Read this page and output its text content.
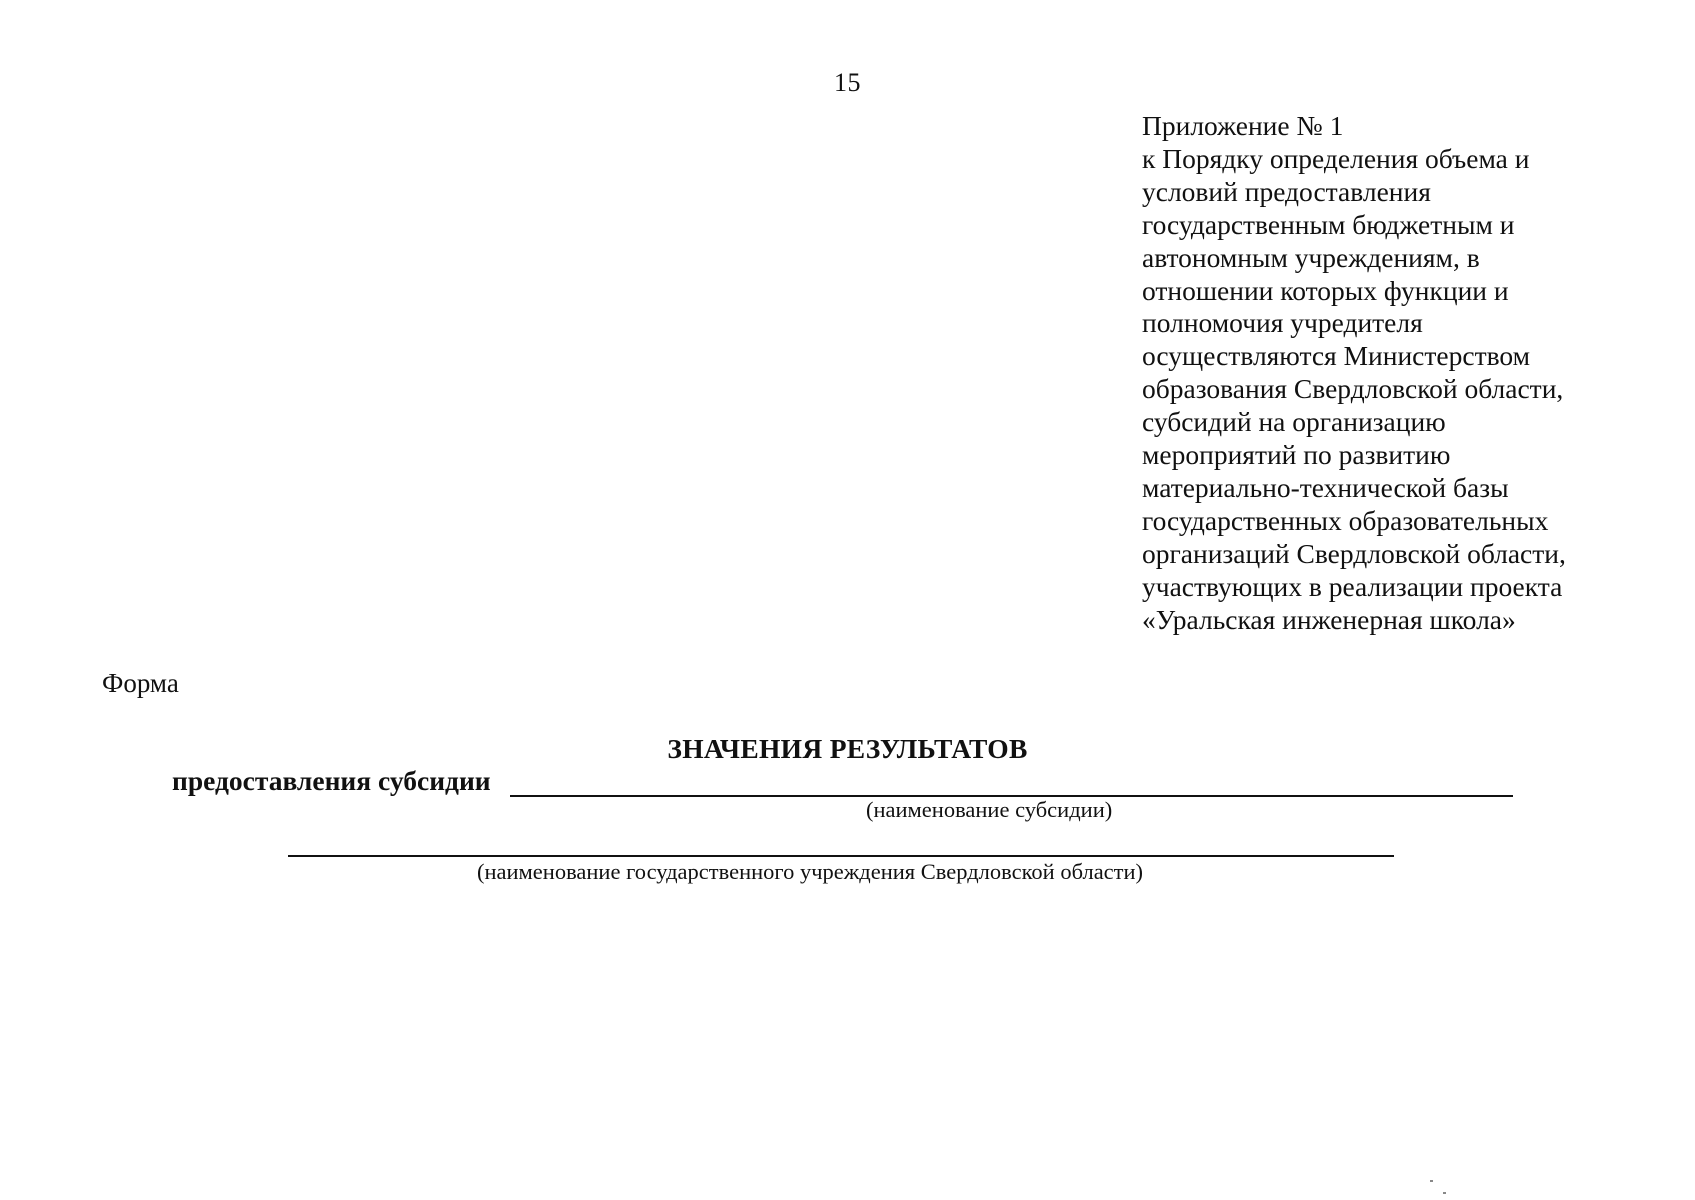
15
Приложение № 1
к Порядку определения объема и
условий предоставления
государственным бюджетным и
автономным учреждениям, в
отношении которых функции и
полномочия учредителя
осуществляются Министерством
образования Свердловской области,
субсидий на организацию
мероприятий по развитию
материально-технической базы
государственных образовательных
организаций Свердловской области,
участвующих в реализации проекта
«Уральская инженерная школа»
Форма
ЗНАЧЕНИЯ РЕЗУЛЬТАТОВ
предоставления субсидии
(наименование субсидии)
(наименование государственного учреждения Свердловской области)
